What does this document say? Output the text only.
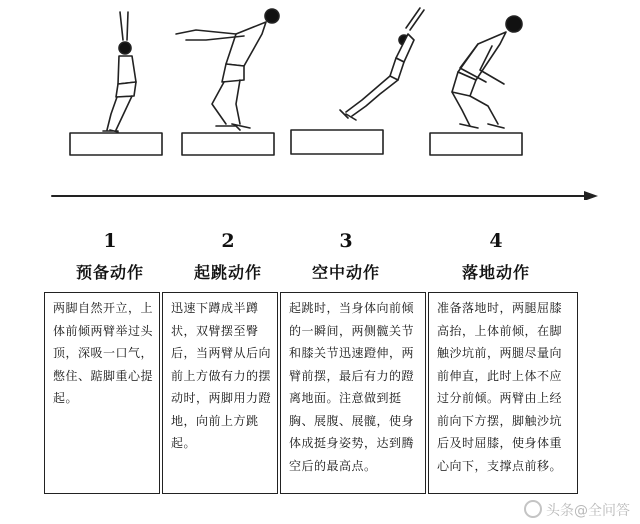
1	2	3	4
预备动作	起跳动作	空中动作	落地动作
两脚自然开立，上体前倾两臂举过头顶，深吸一口气，憋住、踮脚重心提起。
迅速下蹲成半蹲状，双臂摆至臀后，当两臂从后向前上方做有力的摆动时，两脚用力蹬地，向前上方跳起。
起跳时，当身体向前倾的一瞬间，两侧髋关节和膝关节迅速蹬伸，两臂前摆，最后有力的蹬离地面。注意做到挺胸、展腹、展髋，使身体成挺身姿势，达到腾空后的最高点。
准备落地时，两腿屈膝高抬，上体前倾，在脚触沙坑前，两腿尽量向前伸直，此时上体不应过分前倾。两臂由上经前向下方摆，脚触沙坑后及时屈膝，使身体重心向下，支撑点前移。
头条@全问答
